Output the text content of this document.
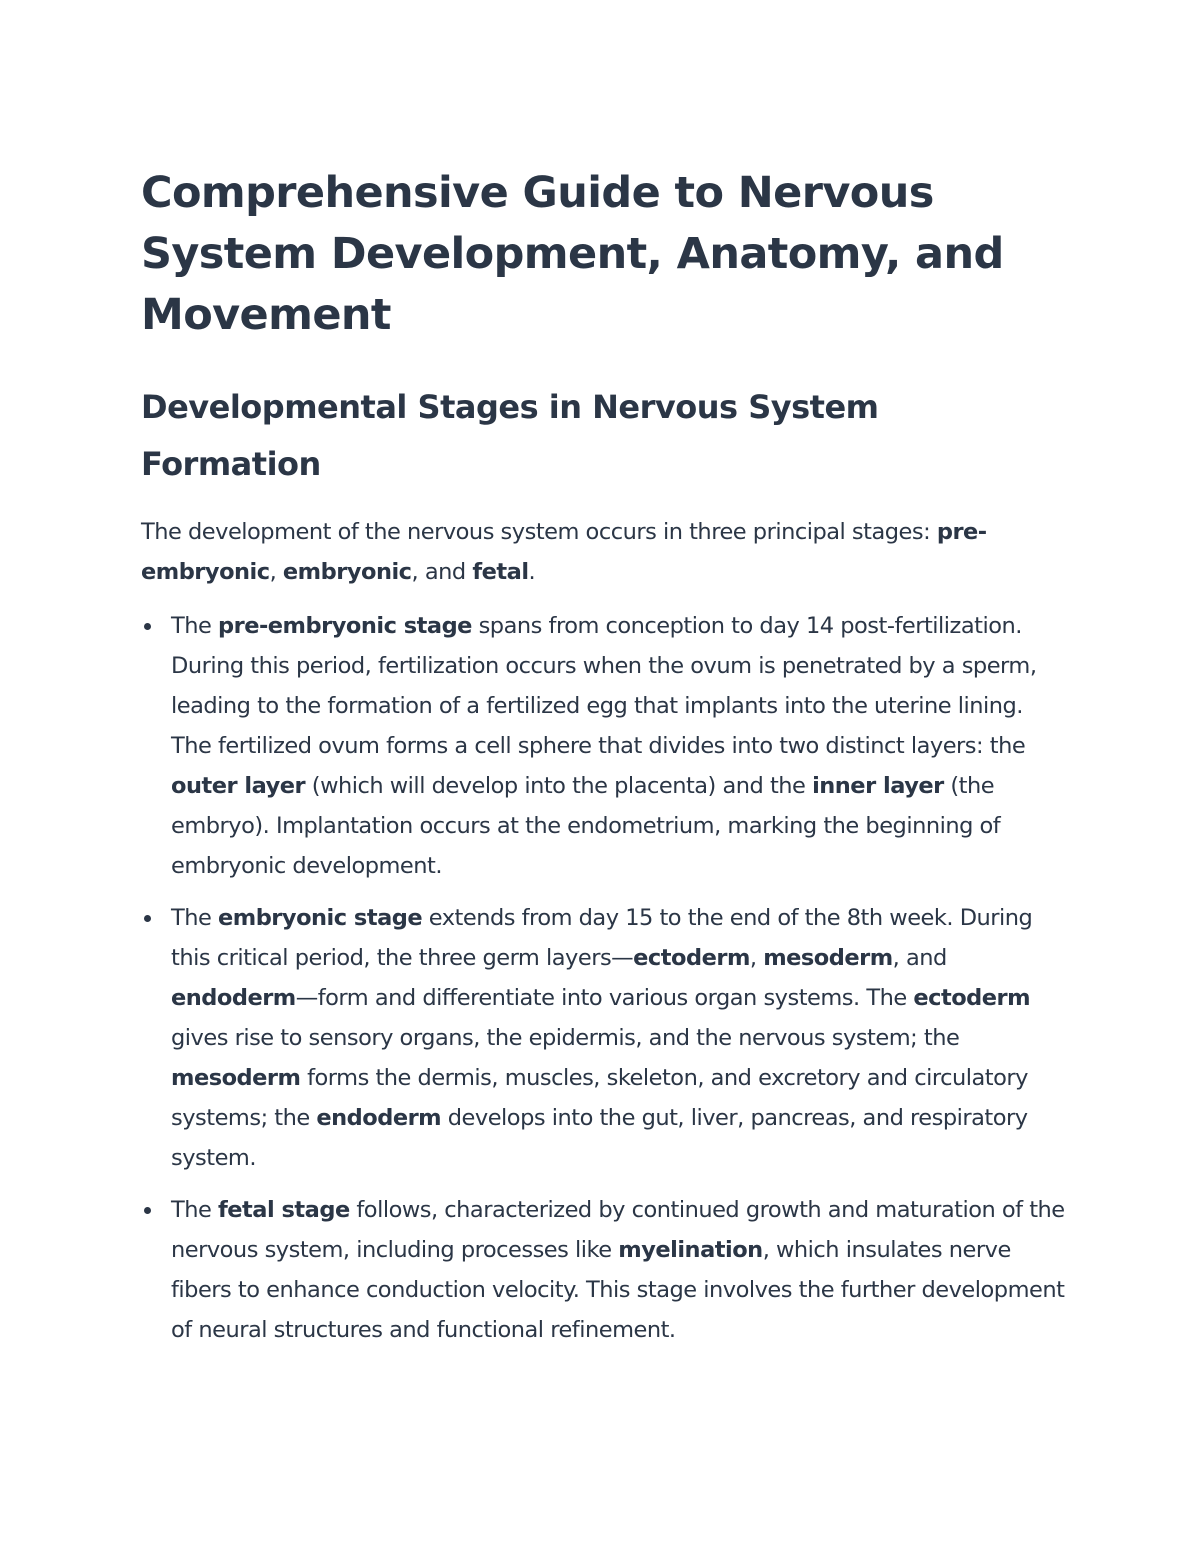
Comprehensive Guide to Nervous System Development, Anatomy, and Movement
Developmental Stages in Nervous System Formation

The development of the nervous system occurs in three principal stages: pre-embryonic, embryonic, and fetal.

The pre-embryonic stage spans from conception to day 14 post-fertilization. During this period, fertilization occurs when the ovum is penetrated by a sperm, leading to the formation of a fertilized egg that implants into the uterine lining. The fertilized ovum forms a cell sphere that divides into two distinct layers: the outer layer (which will develop into the placenta) and the inner layer (the embryo). Implantation occurs at the endometrium, marking the beginning of embryonic development.
The embryonic stage extends from day 15 to the end of the 8th week. During this critical period, the three germ layers—ectoderm, mesoderm, and endoderm—form and differentiate into various organ systems. The ectoderm gives rise to sensory organs, the epidermis, and the nervous system; the mesoderm forms the dermis, muscles, skeleton, and excretory and circulatory systems; the endoderm develops into the gut, liver, pancreas, and respiratory system.
The fetal stage follows, characterized by continued growth and maturation of the nervous system, including processes like myelination, which insulates nerve fibers to enhance conduction velocity. This stage involves the further development of neural structures and functional refinement.
